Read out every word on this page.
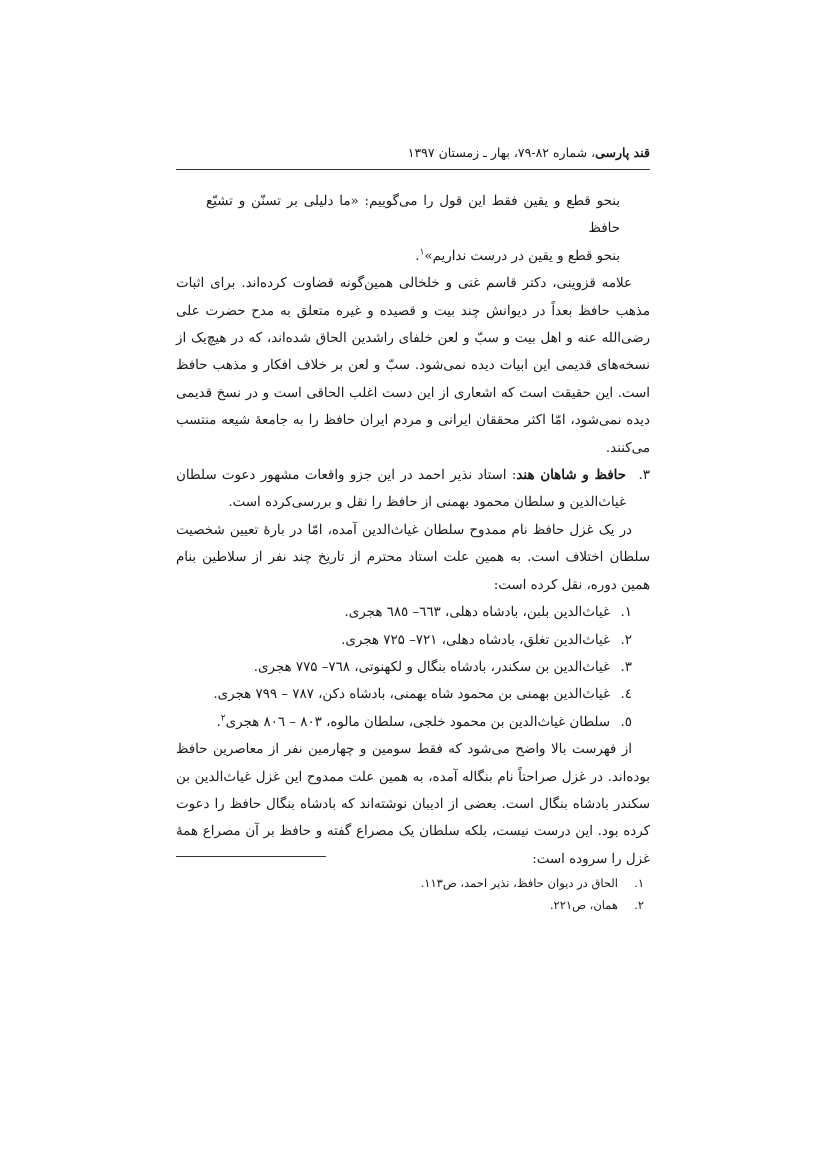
قند پارسی، شماره ۸۲-۷۹، بهار ـ زمستان ۱۳۹۷

بنحو قطع و یقین فقط این قول را می‌گوییم: «ما دلیلی بر تسنّن و تشیّع حافظ

بنحو قطع و یقین در درست نداریم»$^۱$.

علامه قزوینی، دکتر قاسم غنی و خلخالی همین‌گونه قضاوت کرده‌اند. برای اثبات مذهب حافظ بعداً در دیوانش چند بیت و قصیده و غیره متعلق به مدح حضرت علی رضی‌الله عنه و اهل بیت و سبّ و لعن خلفای راشدین الحاق شده‌اند، که در هیچ‌یک از نسخه‌های قدیمی این ابیات دیده نمی‌شود. سبّ و لعن بر خلاف افکار و مذهب حافظ است. این حقیقت است که اشعاری از این دست اغلب الحاقی است و در نسخ قدیمی دیده نمی‌شود، امّا اکثر محققان ایرانی و مردم ایران حافظ را به جامعهٔ شیعه منتسب می‌کنند.

۳.
حافظ و شاهان هند: استاد نذیر احمد در این جزو واقعات مشهور دعوت سلطان غیاث‌الدین و سلطان محمود بهمنی از حافظ را نقل و بررسی‌کرده است.

در یک غزل حافظ نام ممدوح سلطان غیاث‌الدین آمده، امّا در بارهٔ تعیین شخصیت سلطان اختلاف است. به همین علت استاد محترم از تاریخ چند نفر از سلاطین بنام همین دوره، نقل کرده است:

۱.
غیاث‌الدین بلبن، بادشاه دهلی، ٦٦٣– ٦٨٥ هجری.
۲.
غیاث‌الدین تغلق، بادشاه دهلی، ۷۲۱– ۷۲۵ هجری.
۳.
غیاث‌الدین بن سکندر، بادشاه بنگال و لکهنوتی، ۷٦۸– ۷۷۵ هجری.
٤.
غیاث‌الدین بهمنی بن محمود شاه بهمنی، بادشاه دکن، ۷۸۷ – ۷۹۹ هجری.
٥.
سلطان غیاث‌الدین بن محمود خلجی، سلطان مالوه، ۸۰۳ – ۸۰٦ هجری$^۲$.

از فهرست بالا واضح می‌شود که فقط سومین و چهارمین نفر از معاصرین حافظ بوده‌اند. در غزل صراحتاً نام بنگاله آمده، به همین علت ممدوح این غزل غیاث‌الدین بن سکندر بادشاه بنگال است. بعضی از ادیبان نوشته‌اند که بادشاه بنگال حافظ را دعوت کرده بود. این درست نیست، بلکه سلطان یک مصراع گفته و حافظ بر آن مصراع همهٔ غزل را سروده است:

۱.
الحاق در دیوان حافظ، نذیر احمد، ص۱۱۳.
۲.
همان، ص۲۲۱.
